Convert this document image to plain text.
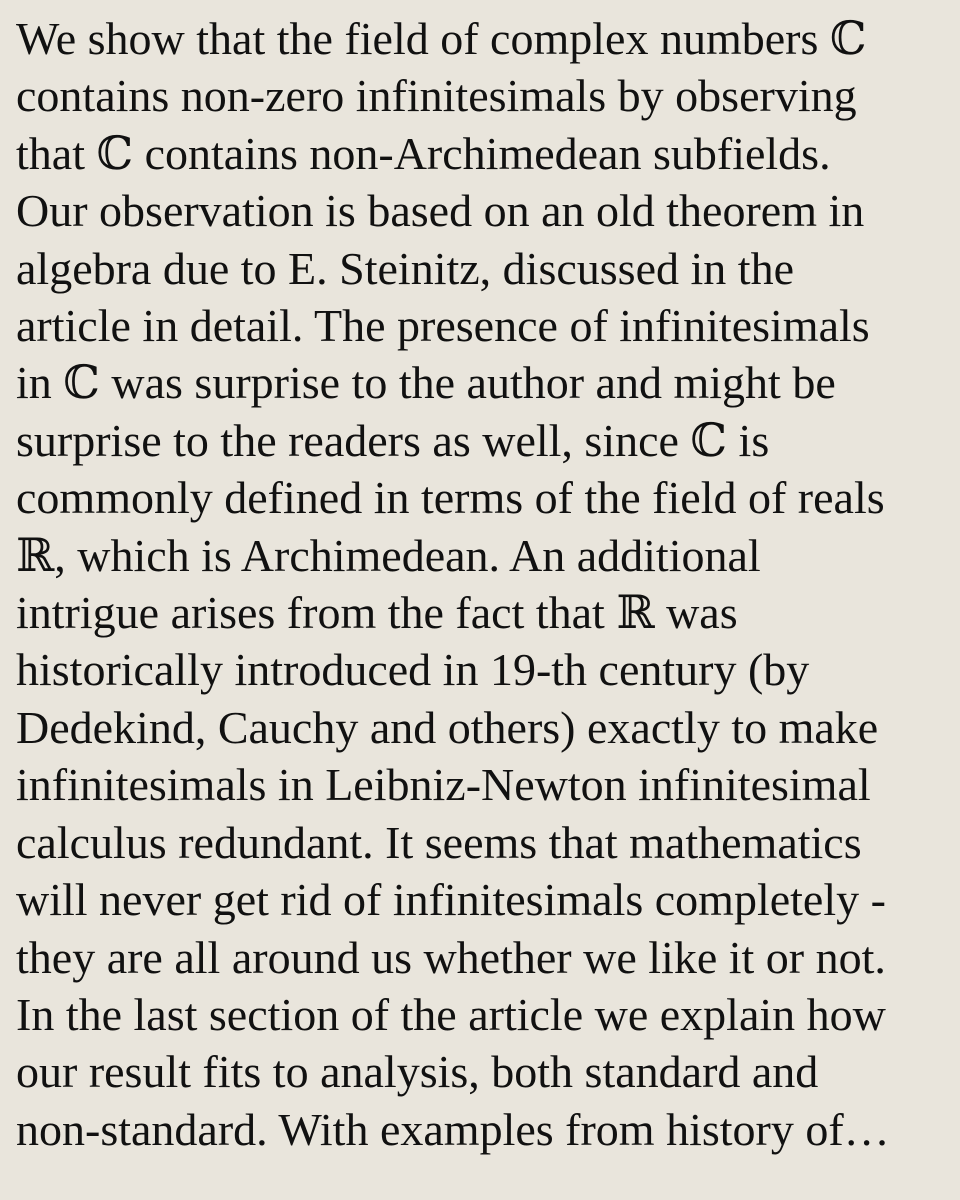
We show that the field of complex numbers ℂ
contains non-zero infinitesimals by observing
that ℂ contains non-Archimedean subfields.
Our observation is based on an old theorem in
algebra due to E. Steinitz, discussed in the
article in detail. The presence of infinitesimals
in ℂ was surprise to the author and might be
surprise to the readers as well, since ℂ is
commonly defined in terms of the field of reals
ℝ, which is Archimedean. An additional
intrigue arises from the fact that ℝ was
historically introduced in 19-th century (by
Dedekind, Cauchy and others) exactly to make
infinitesimals in Leibniz-Newton infinitesimal
calculus redundant. It seems that mathematics
will never get rid of infinitesimals completely -
they are all around us whether we like it or not.
In the last section of the article we explain how
our result fits to analysis, both standard and
non-standard. With examples from history of…
